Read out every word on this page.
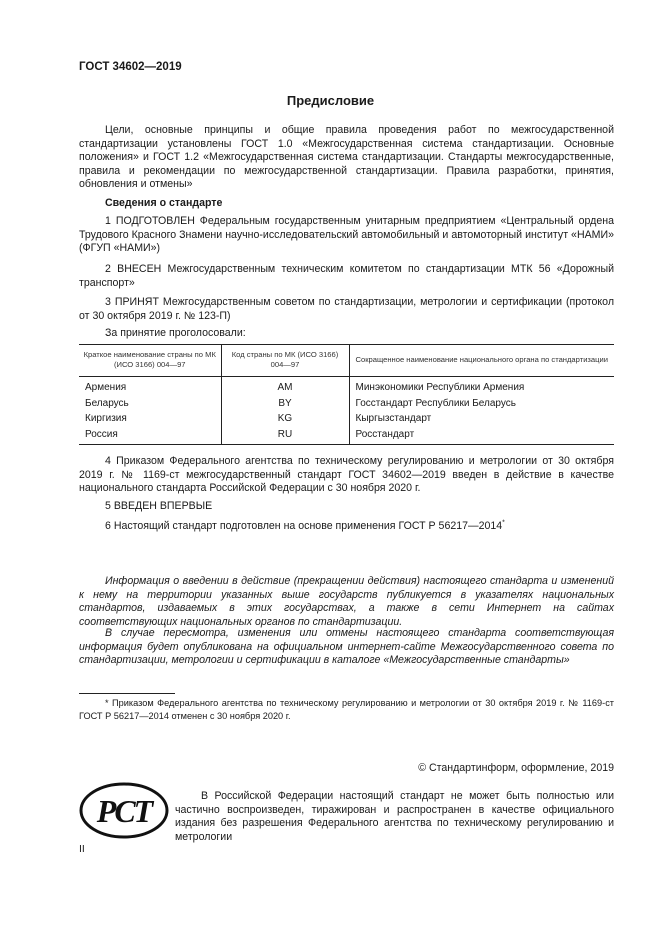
ГОСТ 34602—2019
Предисловие
Цели, основные принципы и общие правила проведения работ по межгосударственной стандартизации установлены ГОСТ 1.0 «Межгосударственная система стандартизации. Основные положения» и ГОСТ 1.2 «Межгосударственная система стандартизации. Стандарты межгосударственные, правила и рекомендации по межгосударственной стандартизации. Правила разработки, принятия, обновления и отмены»
Сведения о стандарте
1 ПОДГОТОВЛЕН Федеральным государственным унитарным предприятием «Центральный ордена Трудового Красного Знамени научно-исследовательский автомобильный и автомоторный институт «НАМИ» (ФГУП «НАМИ»)
2 ВНЕСЕН Межгосударственным техническим комитетом по стандартизации МТК 56 «Дорожный транспорт»
3 ПРИНЯТ Межгосударственным советом по стандартизации, метрологии и сертификации (протокол от 30 октября 2019 г. № 123-П)
За принятие проголосовали:
Краткое наименование страны по МК (ИСО 3166) 004—97	Код страны по МК (ИСО 3166) 004—97	Сокращенное наименование национального органа по стандартизации
Армения	AM	Минэкономики Республики Армения
Беларусь	BY	Госстандарт Республики Беларусь
Киргизия	KG	Кыргызстандарт
Россия	RU	Росстандарт
4 Приказом Федерального агентства по техническому регулированию и метрологии от 30 октября 2019 г. № 1169-ст межгосударственный стандарт ГОСТ 34602—2019 введен в действие в качестве национального стандарта Российской Федерации с 30 ноября 2020 г.
5 ВВЕДЕН ВПЕРВЫЕ
6 Настоящий стандарт подготовлен на основе применения ГОСТ Р 56217—2014*
Информация о введении в действие (прекращении действия) настоящего стандарта и изменений к нему на территории указанных выше государств публикуется в указателях национальных стандартов, издаваемых в этих государствах, а также в сети Интернет на сайтах соответствующих национальных органов по стандартизации.
В случае пересмотра, изменения или отмены настоящего стандарта соответствующая информация будет опубликована на официальном интернет-сайте Межгосударственного совета по стандартизации, метрологии и сертификации в каталоге «Межгосударственные стандарты»
* Приказом Федерального агентства по техническому регулированию и метрологии от 30 октября 2019 г. № 1169-ст ГОСТ Р 56217—2014 отменен с 30 ноября 2020 г.
© Стандартинформ, оформление, 2019
РСТ	В Российской Федерации настоящий стандарт не может быть полностью или частично воспроизведен, тиражирован и распространен в качестве официального издания без разрешения Федерального агентства по техническому регулированию и метрологии
II
